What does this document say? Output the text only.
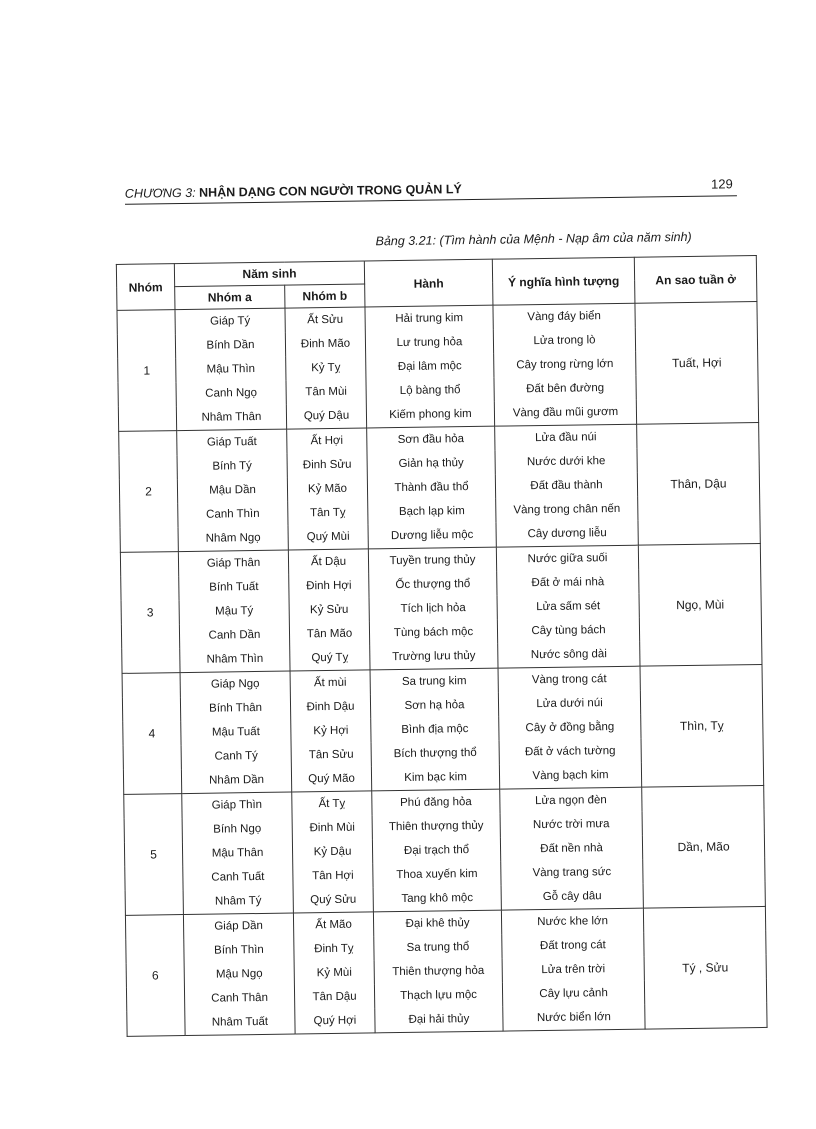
CHƯƠNG 3: NHẬN DẠNG CON NGƯỜI TRONG QUẢN LÝ	129
Bảng 3.21: (Tìm hành của Mệnh - Nạp âm của năm sinh)
Nhóm	Năm sinh		Hành	Ý nghĩa hình tượng	An sao tuần ở
	Nhóm a	Nhóm b			
1	Giáp Tý	Ất Sửu	Hải trung kim	Vàng đáy biển	Tuất, Hợi
	Bính Dần	Đinh Mão	Lư trung hỏa	Lửa trong lò	
	Mậu Thìn	Kỷ Tỵ	Đại lâm mộc	Cây trong rừng lớn	
	Canh Ngọ	Tân Mùi	Lộ bàng thổ	Đất bên đường	
	Nhâm Thân	Quý Dậu	Kiếm phong kim	Vàng đầu mũi gươm	
2	Giáp Tuất	Ất Hợi	Sơn đầu hỏa	Lửa đầu núi	Thân, Dậu
	Bính Tý	Đinh Sửu	Giản hạ thủy	Nước dưới khe	
	Mậu Dần	Kỷ Mão	Thành đầu thổ	Đất đầu thành	
	Canh Thìn	Tân Tỵ	Bạch lạp kim	Vàng trong chân nến	
	Nhâm Ngọ	Quý Mùi	Dương liễu mộc	Cây dương liễu	
3	Giáp Thân	Ất Dậu	Tuyền trung thủy	Nước giữa suối	Ngọ, Mùi
	Bính Tuất	Đinh Hợi	Ốc thượng thổ	Đất ở mái nhà	
	Mậu Tý	Kỷ Sửu	Tích lịch hỏa	Lửa sấm sét	
	Canh Dần	Tân Mão	Tùng bách mộc	Cây tùng bách	
	Nhâm Thìn	Quý Tỵ	Trường lưu thủy	Nước sông dài	
4	Giáp Ngọ	Ất mùi	Sa trung kim	Vàng trong cát	Thìn, Tỵ
	Bính Thân	Đinh Dậu	Sơn hạ hỏa	Lửa dưới núi	
	Mậu Tuất	Kỷ Hợi	Bình địa mộc	Cây ở đồng bằng	
	Canh Tý	Tân Sửu	Bích thượng thổ	Đất ở vách tường	
	Nhâm Dần	Quý Mão	Kim bạc kim	Vàng bạch kim	
5	Giáp Thìn	Ất Tỵ	Phú đăng hỏa	Lửa ngọn đèn	Dần, Mão
	Bính Ngọ	Đinh Mùi	Thiên thượng thủy	Nước trời mưa	
	Mậu Thân	Kỷ Dậu	Đại trạch thổ	Đất nền nhà	
	Canh Tuất	Tân Hợi	Thoa xuyến kim	Vàng trang sức	
	Nhâm Tý	Quý Sửu	Tang khô mộc	Gỗ cây dâu	
6	Giáp Dần	Ất Mão	Đại khê thủy	Nước khe lớn	Tý , Sửu
	Bính Thìn	Đinh Tỵ	Sa trung thổ	Đất trong cát	
	Mậu Ngọ	Kỷ Mùi	Thiên thượng hỏa	Lửa trên trời	
	Canh Thân	Tân Dậu	Thạch lựu mộc	Cây lựu cảnh	
	Nhâm Tuất	Quý Hợi	Đại hải thủy	Nước biển lớn	
